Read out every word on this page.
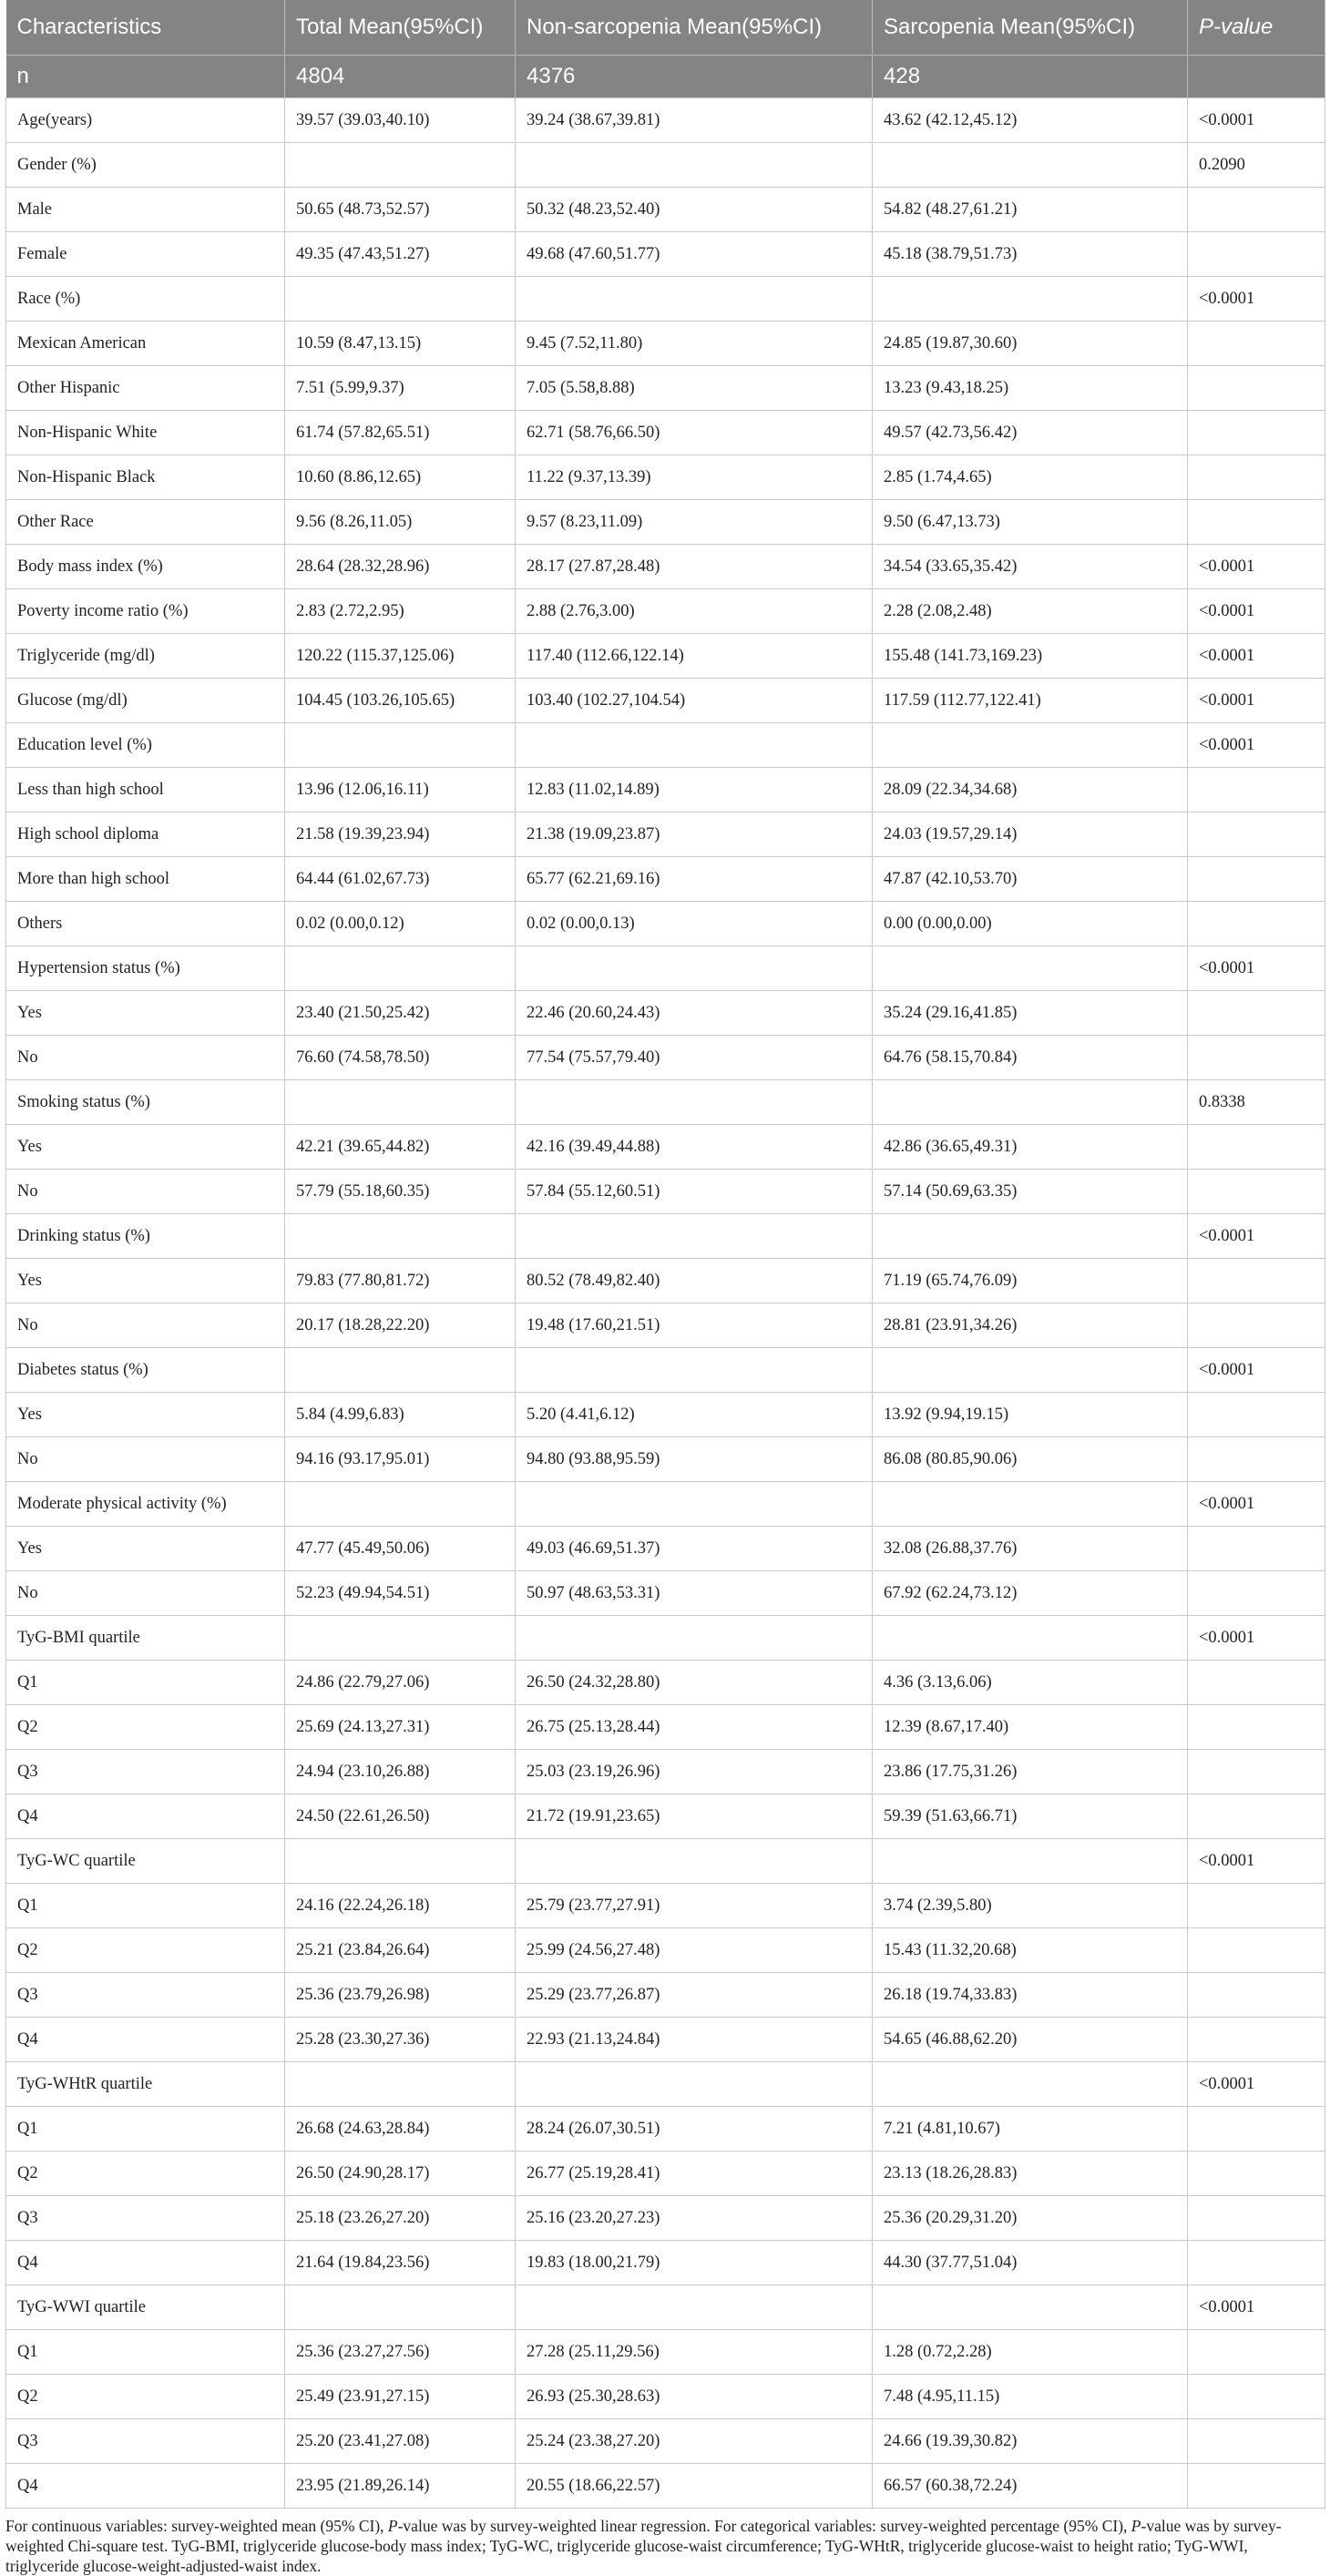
Characteristics	Total Mean(95%CI)	Non-sarcopenia Mean(95%CI)	Sarcopenia Mean(95%CI)	P-value
n	4804	4376	428	
Age(years)	39.57 (39.03,40.10)	39.24 (38.67,39.81)	43.62 (42.12,45.12)	<0.0001
Gender (%)				0.2090
Male	50.65 (48.73,52.57)	50.32 (48.23,52.40)	54.82 (48.27,61.21)	
Female	49.35 (47.43,51.27)	49.68 (47.60,51.77)	45.18 (38.79,51.73)	
Race (%)				<0.0001
Mexican American	10.59 (8.47,13.15)	9.45 (7.52,11.80)	24.85 (19.87,30.60)	
Other Hispanic	7.51 (5.99,9.37)	7.05 (5.58,8.88)	13.23 (9.43,18.25)	
Non-Hispanic White	61.74 (57.82,65.51)	62.71 (58.76,66.50)	49.57 (42.73,56.42)	
Non-Hispanic Black	10.60 (8.86,12.65)	11.22 (9.37,13.39)	2.85 (1.74,4.65)	
Other Race	9.56 (8.26,11.05)	9.57 (8.23,11.09)	9.50 (6.47,13.73)	
Body mass index (%)	28.64 (28.32,28.96)	28.17 (27.87,28.48)	34.54 (33.65,35.42)	<0.0001
Poverty income ratio (%)	2.83 (2.72,2.95)	2.88 (2.76,3.00)	2.28 (2.08,2.48)	<0.0001
Triglyceride (mg/dl)	120.22 (115.37,125.06)	117.40 (112.66,122.14)	155.48 (141.73,169.23)	<0.0001
Glucose (mg/dl)	104.45 (103.26,105.65)	103.40 (102.27,104.54)	117.59 (112.77,122.41)	<0.0001
Education level (%)				<0.0001
Less than high school	13.96 (12.06,16.11)	12.83 (11.02,14.89)	28.09 (22.34,34.68)	
High school diploma	21.58 (19.39,23.94)	21.38 (19.09,23.87)	24.03 (19.57,29.14)	
More than high school	64.44 (61.02,67.73)	65.77 (62.21,69.16)	47.87 (42.10,53.70)	
Others	0.02 (0.00,0.12)	0.02 (0.00,0.13)	0.00 (0.00,0.00)	
Hypertension status (%)				<0.0001
Yes	23.40 (21.50,25.42)	22.46 (20.60,24.43)	35.24 (29.16,41.85)	
No	76.60 (74.58,78.50)	77.54 (75.57,79.40)	64.76 (58.15,70.84)	
Smoking status (%)				0.8338
Yes	42.21 (39.65,44.82)	42.16 (39.49,44.88)	42.86 (36.65,49.31)	
No	57.79 (55.18,60.35)	57.84 (55.12,60.51)	57.14 (50.69,63.35)	
Drinking status (%)				<0.0001
Yes	79.83 (77.80,81.72)	80.52 (78.49,82.40)	71.19 (65.74,76.09)	
No	20.17 (18.28,22.20)	19.48 (17.60,21.51)	28.81 (23.91,34.26)	
Diabetes status (%)				<0.0001
Yes	5.84 (4.99,6.83)	5.20 (4.41,6.12)	13.92 (9.94,19.15)	
No	94.16 (93.17,95.01)	94.80 (93.88,95.59)	86.08 (80.85,90.06)	
Moderate physical activity (%)				<0.0001
Yes	47.77 (45.49,50.06)	49.03 (46.69,51.37)	32.08 (26.88,37.76)	
No	52.23 (49.94,54.51)	50.97 (48.63,53.31)	67.92 (62.24,73.12)	
TyG-BMI quartile				<0.0001
Q1	24.86 (22.79,27.06)	26.50 (24.32,28.80)	4.36 (3.13,6.06)	
Q2	25.69 (24.13,27.31)	26.75 (25.13,28.44)	12.39 (8.67,17.40)	
Q3	24.94 (23.10,26.88)	25.03 (23.19,26.96)	23.86 (17.75,31.26)	
Q4	24.50 (22.61,26.50)	21.72 (19.91,23.65)	59.39 (51.63,66.71)	
TyG-WC quartile				<0.0001
Q1	24.16 (22.24,26.18)	25.79 (23.77,27.91)	3.74 (2.39,5.80)	
Q2	25.21 (23.84,26.64)	25.99 (24.56,27.48)	15.43 (11.32,20.68)	
Q3	25.36 (23.79,26.98)	25.29 (23.77,26.87)	26.18 (19.74,33.83)	
Q4	25.28 (23.30,27.36)	22.93 (21.13,24.84)	54.65 (46.88,62.20)	
TyG-WHtR quartile				<0.0001
Q1	26.68 (24.63,28.84)	28.24 (26.07,30.51)	7.21 (4.81,10.67)	
Q2	26.50 (24.90,28.17)	26.77 (25.19,28.41)	23.13 (18.26,28.83)	
Q3	25.18 (23.26,27.20)	25.16 (23.20,27.23)	25.36 (20.29,31.20)	
Q4	21.64 (19.84,23.56)	19.83 (18.00,21.79)	44.30 (37.77,51.04)	
TyG-WWI quartile				<0.0001
Q1	25.36 (23.27,27.56)	27.28 (25.11,29.56)	1.28 (0.72,2.28)	
Q2	25.49 (23.91,27.15)	26.93 (25.30,28.63)	7.48 (4.95,11.15)	
Q3	25.20 (23.41,27.08)	25.24 (23.38,27.20)	24.66 (19.39,30.82)	
Q4	23.95 (21.89,26.14)	20.55 (18.66,22.57)	66.57 (60.38,72.24)	
For continuous variables: survey-weighted mean (95% CI), P-value was by survey-weighted linear regression. For categorical variables: survey-weighted percentage (95% CI), P-value was by survey-weighted Chi-square test. TyG-BMI, triglyceride glucose-body mass index; TyG-WC, triglyceride glucose-waist circumference; TyG-WHtR, triglyceride glucose-waist to height ratio; TyG-WWI, triglyceride glucose-weight-adjusted-waist index.
